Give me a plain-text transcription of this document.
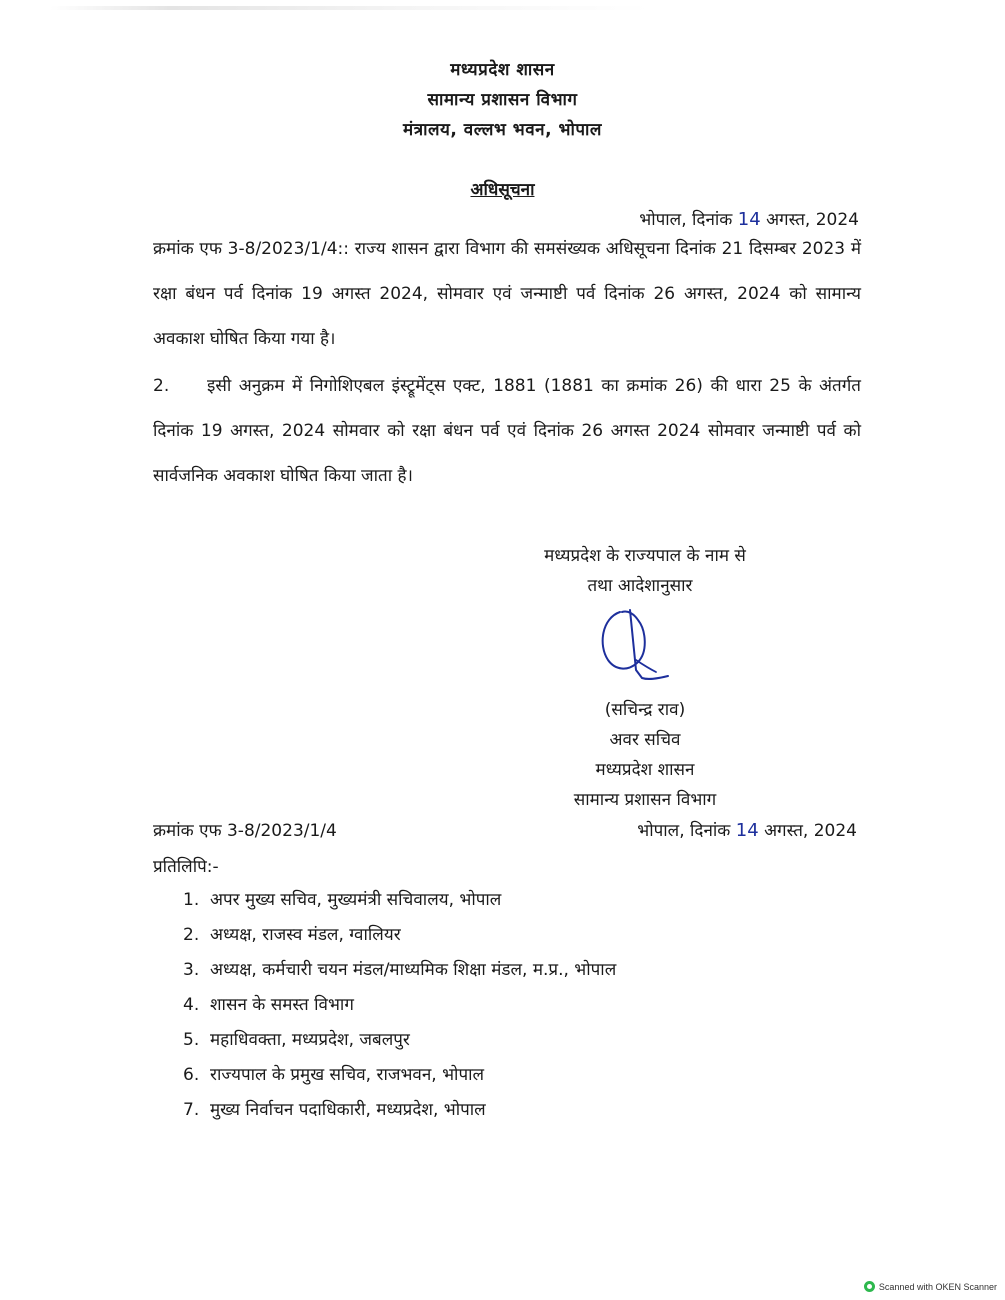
मध्यप्रदेश शासन
सामान्य प्रशासन विभाग
मंत्रालय, वल्लभ भवन, भोपाल
अधिसूचना
भोपाल, दिनांक 14 अगस्त, 2024
क्रमांक एफ 3-8/2023/1/4:: राज्य शासन द्वारा विभाग की समसंख्यक अधिसूचना दिनांक 21 दिसम्बर 2023 में रक्षा बंधन पर्व दिनांक 19 अगस्त 2024, सोमवार एवं जन्माष्टी पर्व दिनांक 26 अगस्त, 2024 को सामान्य अवकाश घोषित किया गया है।
2. इसी अनुक्रम में निगोशिएबल इंस्ट्रूमेंट्स एक्ट, 1881 (1881 का क्रमांक 26) की धारा 25 के अंतर्गत दिनांक 19 अगस्त, 2024 सोमवार को रक्षा बंधन पर्व एवं दिनांक 26 अगस्त 2024 सोमवार जन्माष्टी पर्व को सार्वजनिक अवकाश घोषित किया जाता है।
मध्यप्रदेश के राज्यपाल के नाम से
तथा आदेशानुसार
(सचिन्द्र राव)
अवर सचिव
मध्यप्रदेश शासन
सामान्य प्रशासन विभाग
क्रमांक एफ 3-8/2023/1/4	भोपाल, दिनांक 14 अगस्त, 2024
प्रतिलिपि:-
1. अपर मुख्य सचिव, मुख्यमंत्री सचिवालय, भोपाल
2. अध्यक्ष, राजस्व मंडल, ग्वालियर
3. अध्यक्ष, कर्मचारी चयन मंडल/माध्यमिक शिक्षा मंडल, म.प्र., भोपाल
4. शासन के समस्त विभाग
5. महाधिवक्ता, मध्यप्रदेश, जबलपुर
6. राज्यपाल के प्रमुख सचिव, राजभवन, भोपाल
7. मुख्य निर्वाचन पदाधिकारी, मध्यप्रदेश, भोपाल
Scanned with OKEN Scanner
